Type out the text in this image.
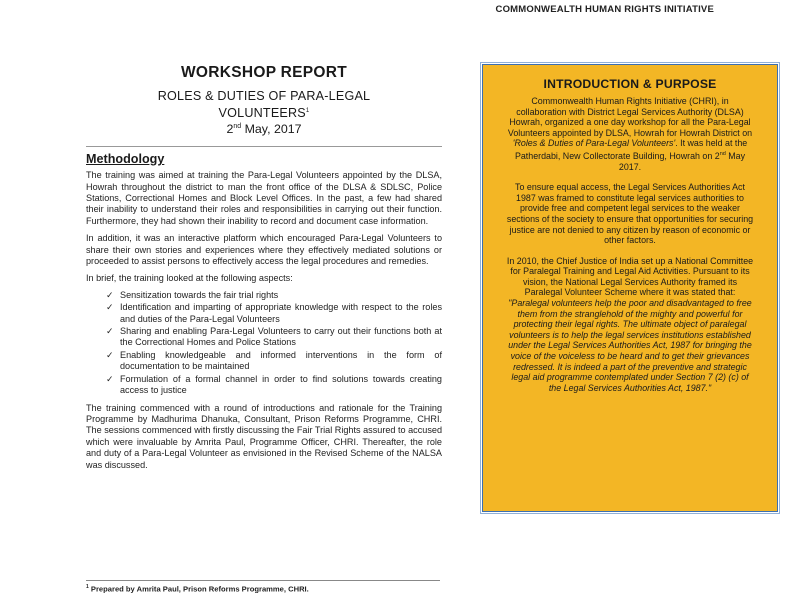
COMMONWEALTH HUMAN RIGHTS INITIATIVE
WORKSHOP REPORT
ROLES & DUTIES OF PARA-LEGAL
VOLUNTEERS$^1$
2nd May, 2017
Methodology

The training was aimed at training the Para-Legal Volunteers appointed by the DLSA, Howrah throughout the district to man the front office of the DLSA & SDLSC, Police Stations, Correctional Homes and Block Level Offices. In the past, a few had shared their inability to understand their roles and responsibilities in carrying out their function. Furthermore, they had shown their inability to record and document case information.

In addition, it was an interactive platform which encouraged Para-Legal Volunteers to share their own stories and experiences where they effectively mediated solutions or proceeded to assist persons to effectively access the legal procedures and remedies.

In brief, the training looked at the following aspects:

✓ Sensitization towards the fair trial rights
✓ Identification and imparting of appropriate knowledge with respect to the roles and duties of the Para-Legal Volunteers
✓ Sharing and enabling Para-Legal Volunteers to carry out their functions both at the Correctional Homes and Police Stations
✓ Enabling knowledgeable and informed interventions in the form of documentation to be maintained
✓ Formulation of a formal channel in order to find solutions towards creating access to justice

The training commenced with a round of introductions and rationale for the Training Programme by Madhurima Dhanuka, Consultant, Prison Reforms Programme, CHRI. The sessions commenced with firstly discussing the Fair Trial Rights assured to accused which were invaluable by Amrita Paul, Programme Officer, CHRI. Thereafter, the role and duty of a Para-Legal Volunteer as envisioned in the Revised Scheme of the NALSA was discussed.

$^1$ Prepared by Amrita Paul, Prison Reforms Programme, CHRI.
INTRODUCTION & PURPOSE

Commonwealth Human Rights Initiative (CHRI), in collaboration with District Legal Services Authority (DLSA) Howrah, organized a one day workshop for all the Para-Legal Volunteers appointed by DLSA, Howrah for Howrah District on 'Roles & Duties of Para-Legal Volunteers'. It was held at the Patherdabi, New Collectorate Building, Howrah on 2nd May 2017.

To ensure equal access, the Legal Services Authorities Act 1987 was framed to constitute legal services authorities to provide free and competent legal services to the weaker sections of the society to ensure that opportunities for securing justice are not denied to any citizen by reason of economic or other factors.

In 2010, the Chief Justice of India set up a National Committee for Paralegal Training and Legal Aid Activities. Pursuant to its vision, the National Legal Services Authority framed its Paralegal Volunteer Scheme where it was stated that:

"Paralegal volunteers help the poor and disadvantaged to free them from the stranglehold of the mighty and powerful for protecting their legal rights. The ultimate object of paralegal volunteers is to help the legal services institutions established under the Legal Services Authorities Act, 1987 for bringing the voice of the voiceless to be heard and to get their grievances redressed. It is indeed a part of the preventive and strategic legal aid programme contemplated under Section 7 (2) (c) of the Legal Services Authorities Act, 1987."
